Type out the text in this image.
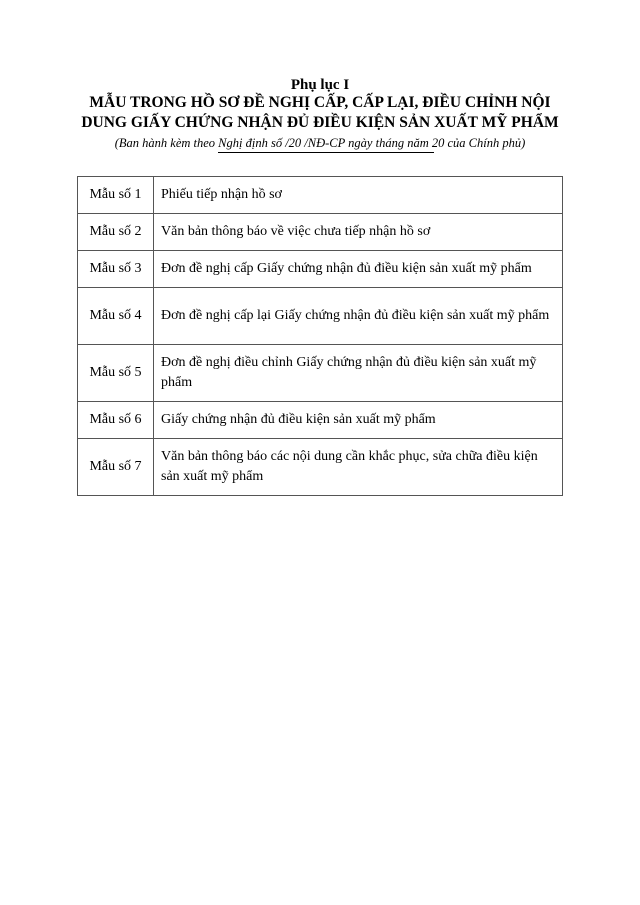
Phụ lục I
MẪU TRONG HỒ SƠ ĐỀ NGHỊ CẤP, CẤP LẠI, ĐIỀU CHỈNH NỘI
DUNG GIẤY CHỨNG NHẬN ĐỦ ĐIỀU KIỆN SẢN XUẤT MỸ PHẨM
(Ban hành kèm theo Nghị định số /20 /NĐ-CP ngày tháng năm 20 của Chính phủ)
Mẫu số 1	Phiếu tiếp nhận hồ sơ
Mẫu số 2	Văn bản thông báo về việc chưa tiếp nhận hồ sơ
Mẫu số 3	Đơn đề nghị cấp Giấy chứng nhận đủ điều kiện sản xuất mỹ phẩm
Mẫu số 4	Đơn đề nghị cấp lại Giấy chứng nhận đủ điều kiện sản xuất mỹ phẩm
Mẫu số 5	Đơn đề nghị điều chỉnh Giấy chứng nhận đủ điều kiện sản xuất mỹ phẩm
Mẫu số 6	Giấy chứng nhận đủ điều kiện sản xuất mỹ phẩm
Mẫu số 7	Văn bản thông báo các nội dung cần khắc phục, sửa chữa điều kiện sản xuất mỹ phẩm
